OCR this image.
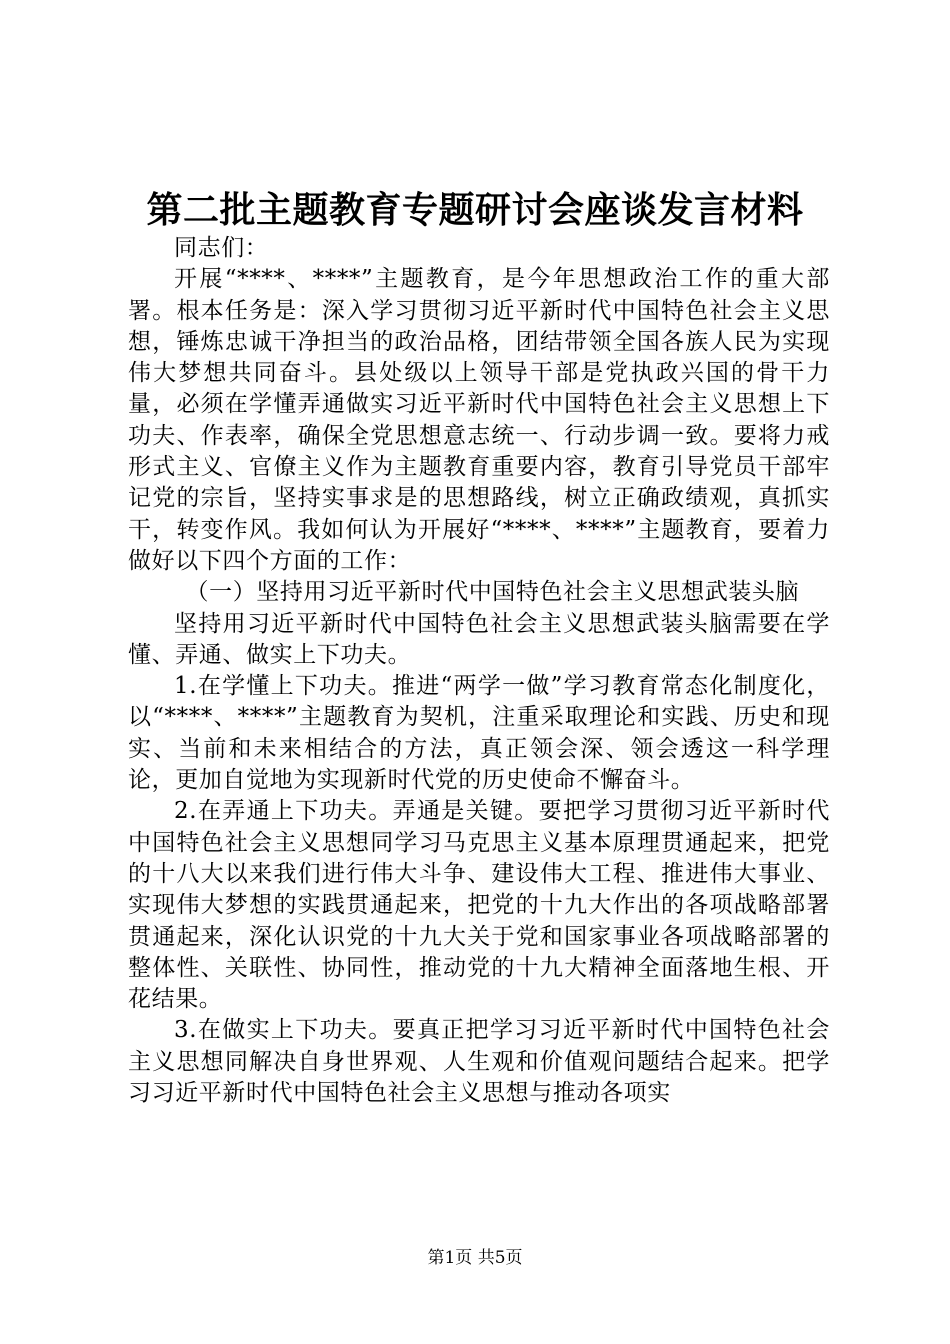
第二批主题教育专题研讨会座谈发言材料

同志们：

开展“****、****”主题教育，是今年思想政治工作的重大部署。根本任务是：深入学习贯彻习近平新时代中国特色社会主义思想，锤炼忠诚干净担当的政治品格，团结带领全国各族人民为实现伟大梦想共同奋斗。县处级以上领导干部是党执政兴国的骨干力量，必须在学懂弄通做实习近平新时代中国特色社会主义思想上下功夫、作表率，确保全党思想意志统一、行动步调一致。要将力戒形式主义、官僚主义作为主题教育重要内容，教育引导党员干部牢记党的宗旨，坚持实事求是的思想路线，树立正确政绩观，真抓实干，转变作风。我如何认为开展好“****、****”主题教育，要着力做好以下四个方面的工作：

（一）坚持用习近平新时代中国特色社会主义思想武装头脑

坚持用习近平新时代中国特色社会主义思想武装头脑需要在学懂、弄通、做实上下功夫。

1.在学懂上下功夫。推进“两学一做”学习教育常态化制度化，以“****、****”主题教育为契机，注重采取理论和实践、历史和现实、当前和未来相结合的方法，真正领会深、领会透这一科学理论，更加自觉地为实现新时代党的历史使命不懈奋斗。

2.在弄通上下功夫。弄通是关键。要把学习贯彻习近平新时代中国特色社会主义思想同学习马克思主义基本原理贯通起来，把党的十八大以来我们进行伟大斗争、建设伟大工程、推进伟大事业、实现伟大梦想的实践贯通起来，把党的十九大作出的各项战略部署贯通起来，深化认识党的十九大关于党和国家事业各项战略部署的整体性、关联性、协同性，推动党的十九大精神全面落地生根、开花结果。

3.在做实上下功夫。要真正把学习习近平新时代中国特色社会主义思想同解决自身世界观、人生观和价值观问题结合起来。把学习习近平新时代中国特色社会主义思想与推动各项实

第1页 共5页
